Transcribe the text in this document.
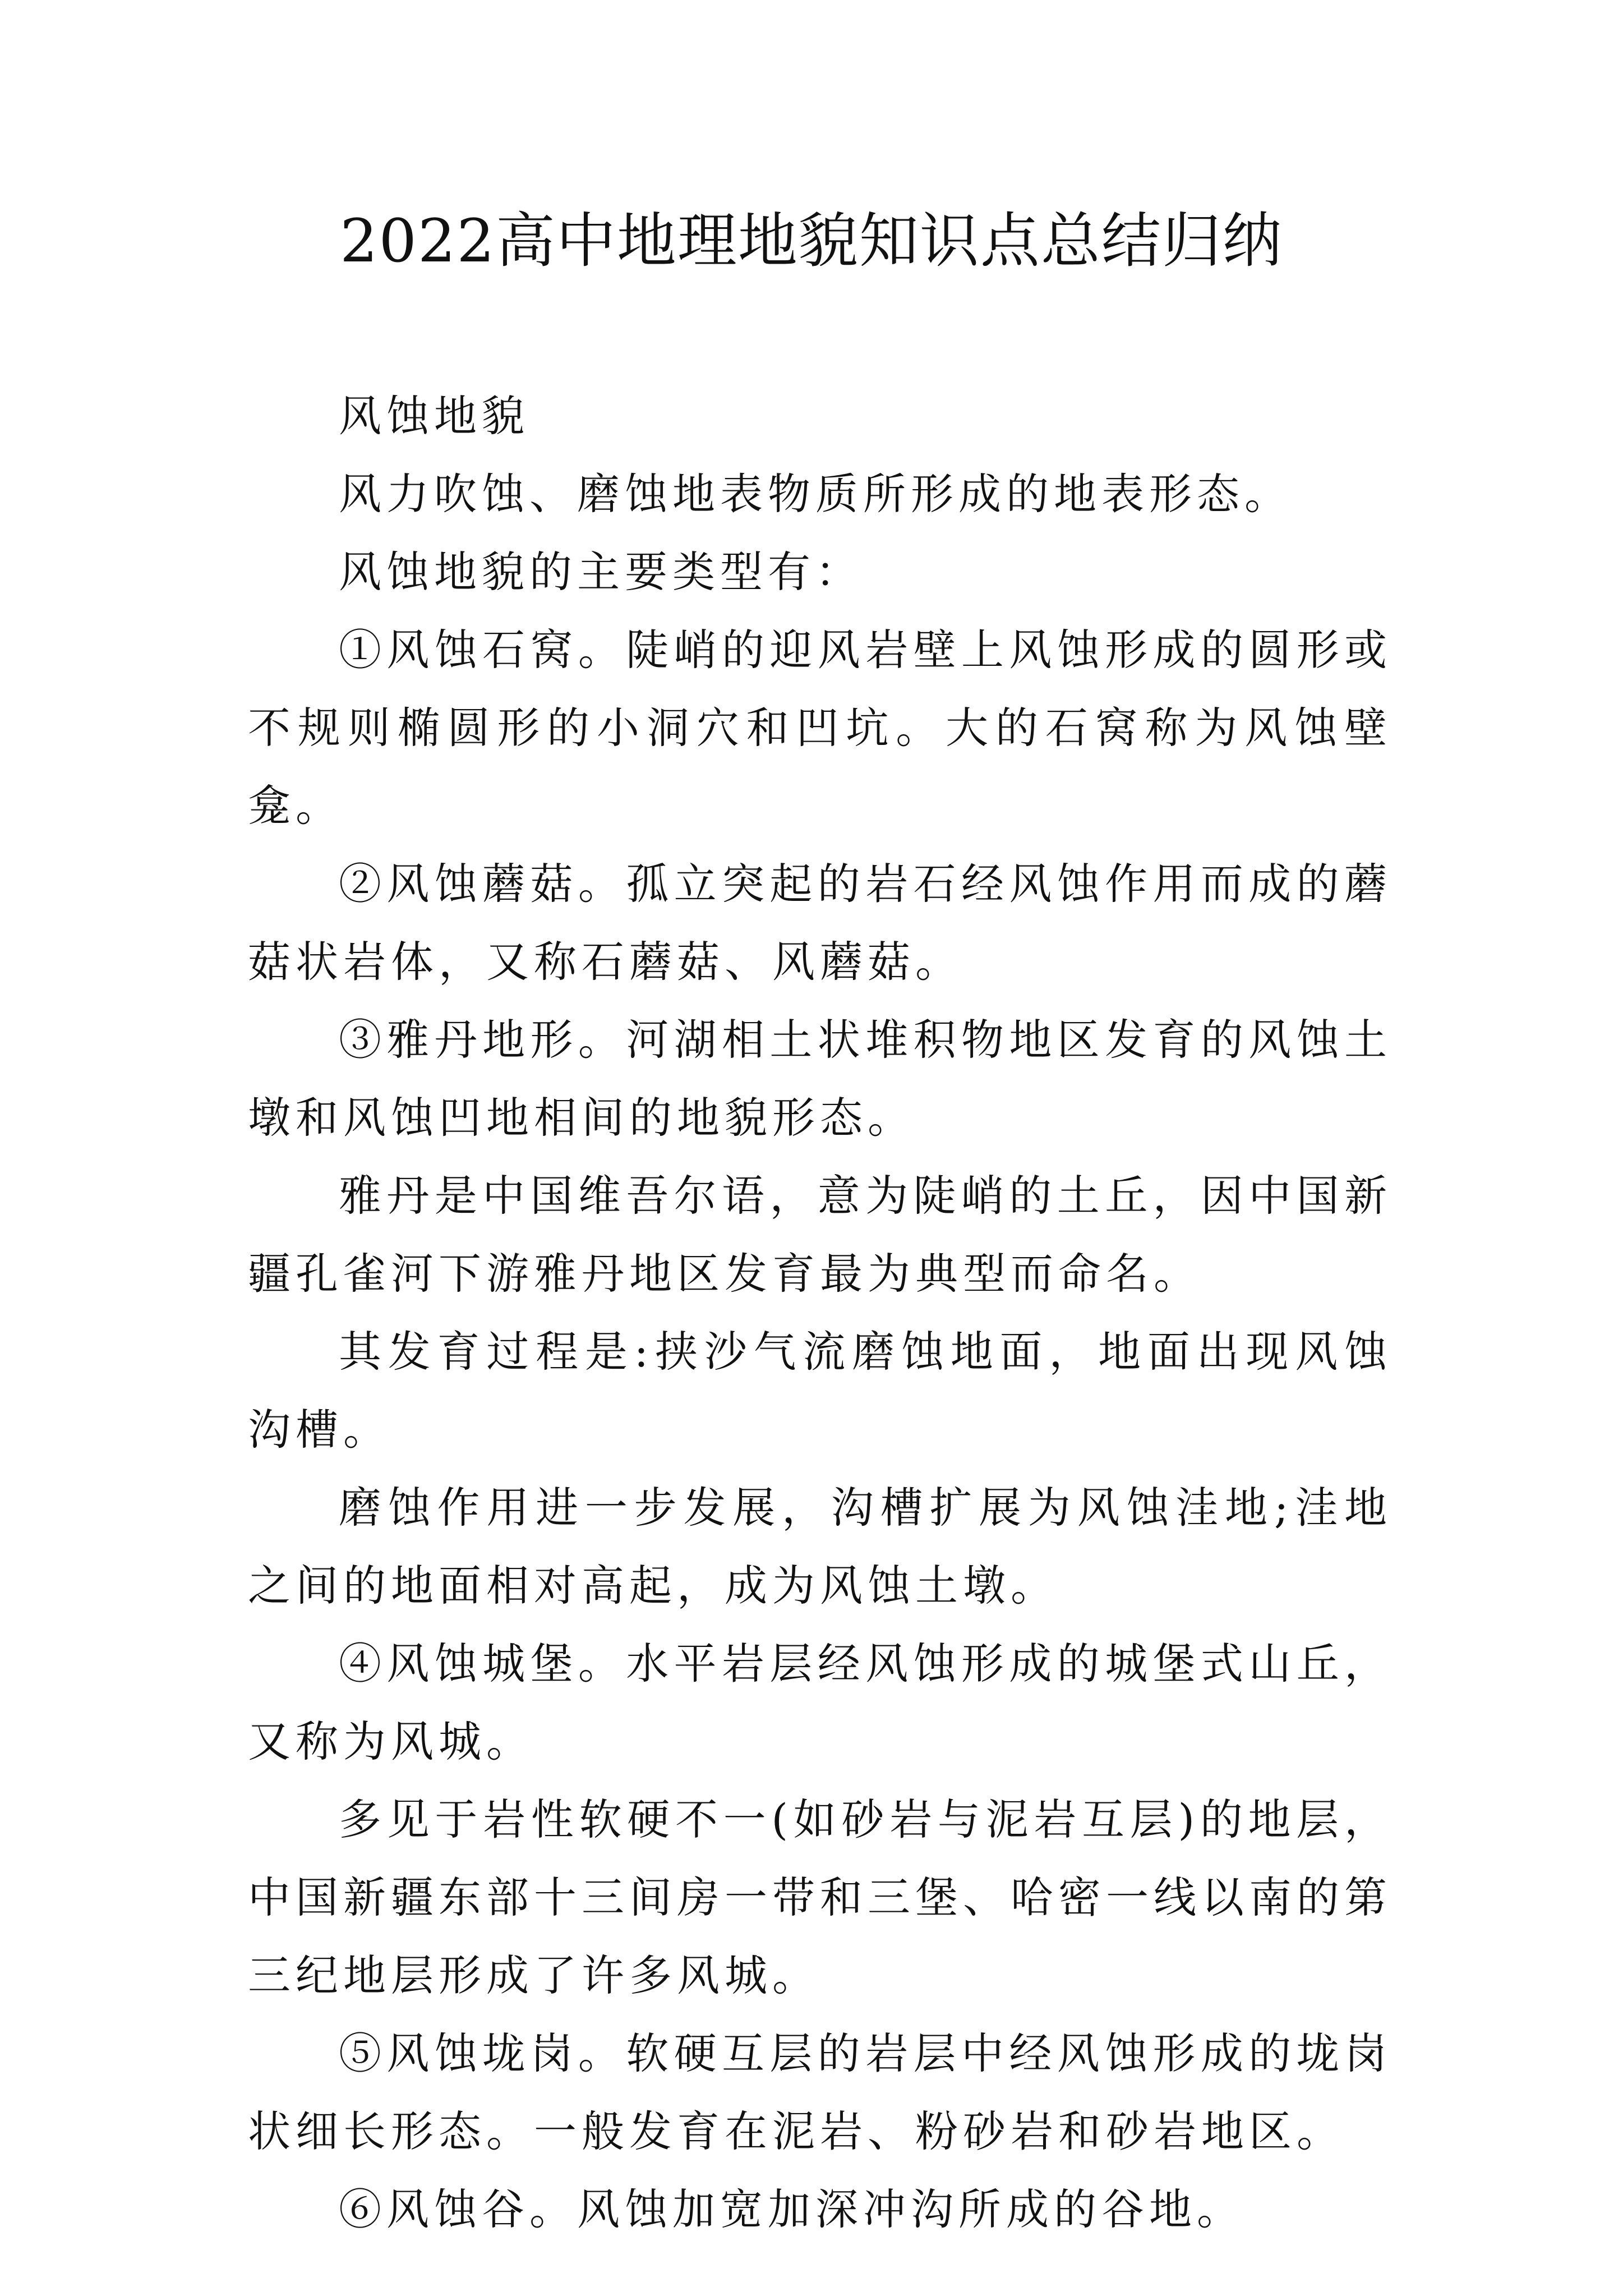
2022高中地理地貌知识点总结归纳

风蚀地貌

风力吹蚀、磨蚀地表物质所形成的地表形态。

风蚀地貌的主要类型有：

①风蚀石窝。陡峭的迎风岩壁上风蚀形成的圆形或不规则椭圆形的小洞穴和凹坑。大的石窝称为风蚀壁龛。

②风蚀蘑菇。孤立突起的岩石经风蚀作用而成的蘑菇状岩体，又称石蘑菇、风蘑菇。

③雅丹地形。河湖相土状堆积物地区发育的风蚀土墩和风蚀凹地相间的地貌形态。

雅丹是中国维吾尔语，意为陡峭的土丘，因中国新疆孔雀河下游雅丹地区发育最为典型而命名。

其发育过程是:挟沙气流磨蚀地面，地面出现风蚀沟槽。

磨蚀作用进一步发展，沟槽扩展为风蚀洼地;洼地之间的地面相对高起，成为风蚀土墩。

④风蚀城堡。水平岩层经风蚀形成的城堡式山丘，又称为风城。

多见于岩性软硬不一(如砂岩与泥岩互层)的地层，中国新疆东部十三间房一带和三堡、哈密一线以南的第三纪地层形成了许多风城。

⑤风蚀垅岗。软硬互层的岩层中经风蚀形成的垅岗状细长形态。一般发育在泥岩、粉砂岩和砂岩地区。

⑥风蚀谷。风蚀加宽加深冲沟所成的谷地。
